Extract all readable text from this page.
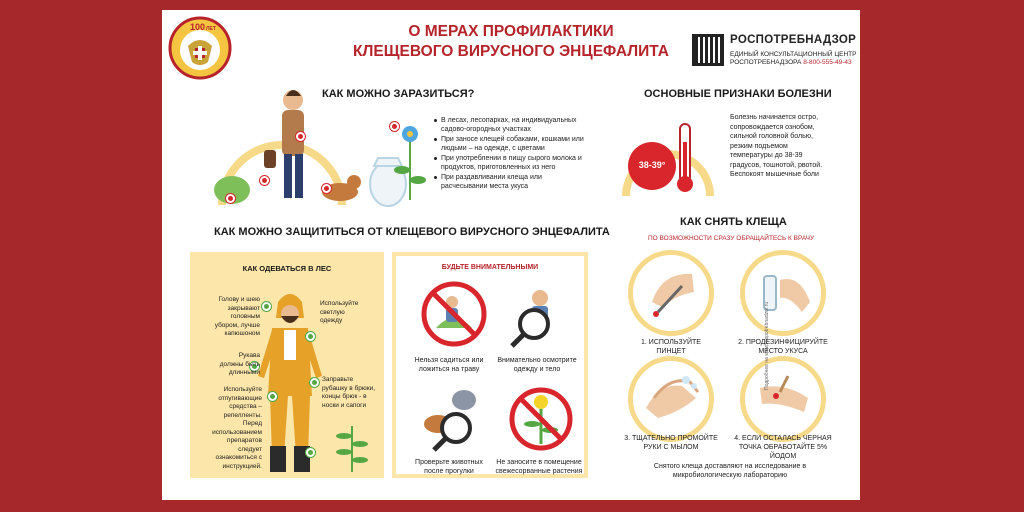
100 ЛЕТ	О МЕРАХ ПРОФИЛАКТИКИ
КЛЕЩЕВОГО ВИРУСНОГО ЭНЦЕФАЛИТА
РОСПОТРЕБНАДЗОР
ЕДИНЫЙ КОНСУЛЬТАЦИОННЫЙ ЦЕНТР
РОСПОТРЕБНАДЗОРА 8-800-555-49-43
КАК МОЖНО ЗАРАЗИТЬСЯ?
В лесах, лесопарках, на индивидуальных садово-огородных участках
При заносе клещей собаками, кошками или людьми – на одежде, с цветами
При употреблении в пищу сырого молока и продуктов, приготовленных из него
При раздавливании клеща или расчесывании места укуса
ОСНОВНЫЕ ПРИЗНАКИ БОЛЕЗНИ
38-39°
Болезнь начинается остро, сопровождается ознобом, сильной головной болью, резким подъемом температуры до 38-39 градусов, тошнотой, рвотой. Беспокоят мышечные боли
КАК МОЖНО ЗАЩИТИТЬСЯ ОТ КЛЕЩЕВОГО ВИРУСНОГО ЭНЦЕФАЛИТА
КАК ОДЕВАТЬСЯ В ЛЕС
Голову и шею закрывают головным убором, лучше капюшоном
Рукава должны быть длинными
Используйте отпугивающие средства – репелленты. Перед использованием препаратов следует ознакомиться с инструкцией.
Используйте светлую одежду
Заправьте рубашку в брюки, концы брюк - в носки и сапоги
БУДЬТЕ ВНИМАТЕЛЬНЫМИ
Нельзя садиться или ложиться на траву
Внимательно осмотрите одежду и тело
Проверьте животных после прогулки
Не заносите в помещение свежесорванные растения
КАК СНЯТЬ КЛЕЩА
ПО ВОЗМОЖНОСТИ СРАЗУ ОБРАЩАЙТЕСЬ К ВРАЧУ
1. ИСПОЛЬЗУЙТЕ ПИНЦЕТ
2. ПРОДЕЗИНФИЦИРУЙТЕ МЕСТО УКУСА
3. ТЩАТЕЛЬНО ПРОМОЙТЕ РУКИ С МЫЛОМ
4. ЕСЛИ ОСТАЛАСЬ ЧЕРНАЯ ТОЧКА ОБРАБОТАЙТЕ 5% ЙОДОМ
Снятого клеща доставляют на исследование в микробиологическую лабораторию
Подробнее на www.rospotrebnadzor.ru
